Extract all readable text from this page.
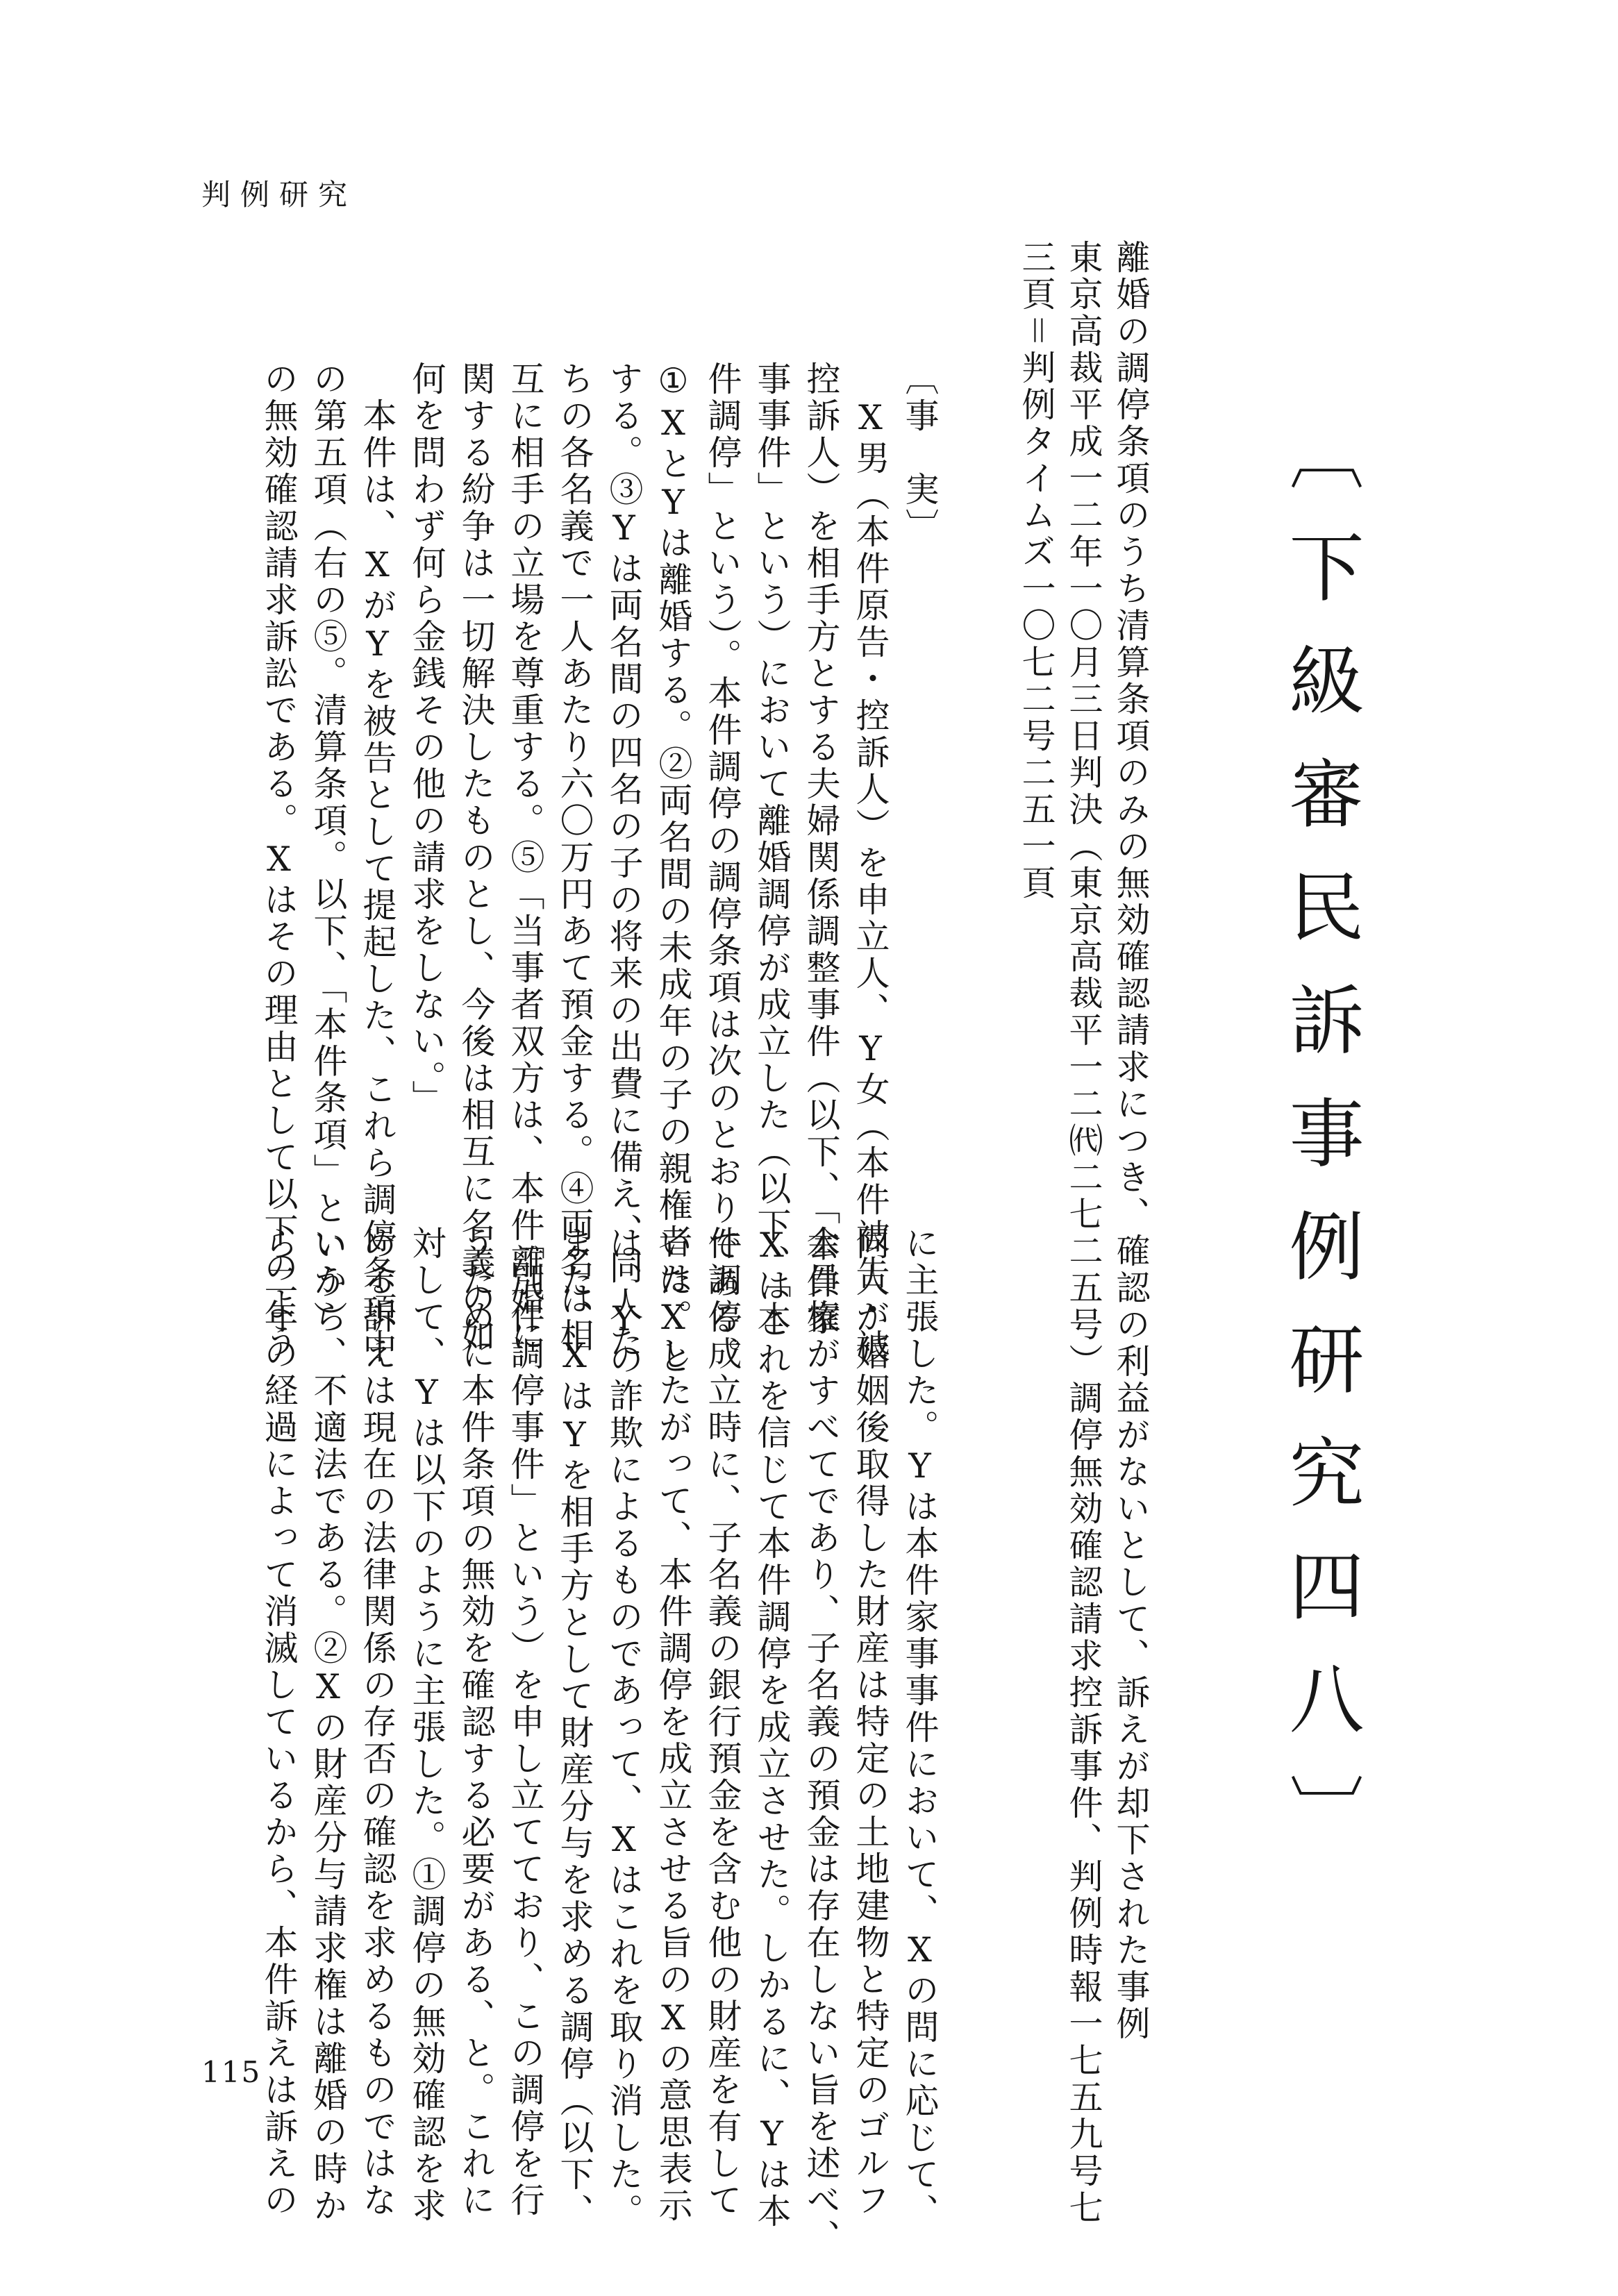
判例研究
〔下級審民訴事例研究四八〕
離婚の調停条項のうち清算条項のみの無効確認請求につき、確認の利益がないとして、訴えが却下された事例
東京高裁平成一二年一〇月三日判決（東京高裁平一二㈹二七二五号）調停無効確認請求控訴事件、判例時報一七五九号七
三頁＝判例タイムズ一〇七二号二五一頁
〔事　実〕
　X男（本件原告・控訴人）を申立人、Y女（本件被告・被
控訴人）を相手方とする夫婦関係調整事件（以下、「本件家
事事件」という）において離婚調停が成立した（以下、「本
件調停」という）。本件調停の調停条項は次のとおりである。
①XとYは離婚する。②両名間の未成年の子の親権者はXと
する。③Yは両名間の四名の子の将来の出費に備え、同人た
ちの各名義で一人あたり六〇万円あて預金する。④両名は相
互に相手の立場を尊重する。⑤「当事者双方は、本件離婚に
関する紛争は一切解決したものとし、今後は相互に名義の如
何を問わず何ら金銭その他の請求をしない。」
　本件は、XがYを被告として提起した、これら調停条項中
の第五項（右の⑤。清算条項。以下、「本件条項」という）
の無効確認請求訴訟である。Xはその理由として以下のよう
に主張した。Yは本件家事事件において、Xの問に応じて、
同人が婚姻後取得した財産は特定の土地建物と特定のゴルフ
会員権がすべてであり、子名義の預金は存在しない旨を述べ、
Xはこれを信じて本件調停を成立させた。しかるに、Yは本
件調停成立時に、子名義の銀行預金を含む他の財産を有して
いた。したがって、本件調停を成立させる旨のXの意思表示
は、Yの詐欺によるものであって、Xはこれを取り消した。
また、XはYを相手方として財産分与を求める調停（以下、
「別件調停事件」という）を申し立てており、この調停を行
うために本件条項の無効を確認する必要がある、と。これに
対して、Yは以下のように主張した。①調停の無効確認を求
める訴えは現在の法律関係の存否の確認を求めるものではな
いから、不適法である。②Xの財産分与請求権は離婚の時か
ら二年の経過によって消滅しているから、本件訴えは訴えの
115
